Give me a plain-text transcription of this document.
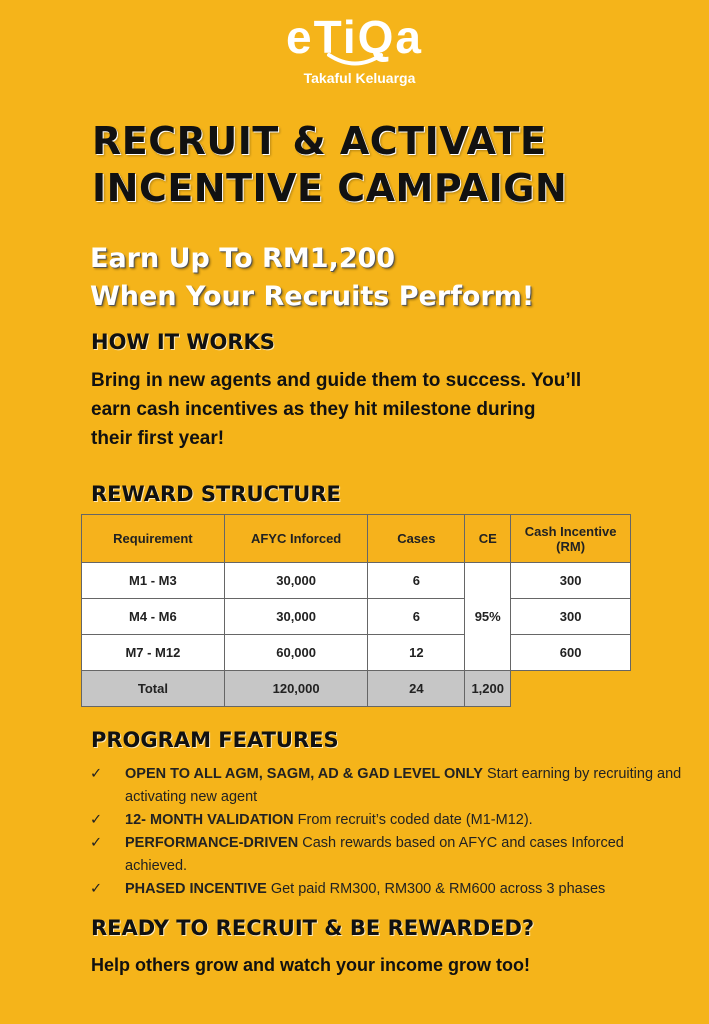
eTiQa
Takaful Keluarga
RECRUIT & ACTIVATE
INCENTIVE CAMPAIGN
Earn Up To RM1,200
When Your Recruits Perform!
HOW IT WORKS
Bring in new agents and guide them to success. You’ll
earn cash incentives as they hit milestone during
their first year!
REWARD STRUCTURE
Requirement	AFYC Inforced	Cases	CE	Cash Incentive
(RM)

M1 - M3	30,000	6	95%	300
M4 - M6	30,000	6		300
M7 - M12	60,000	12		600
Total	120,000	24	1,200	
PROGRAM FEATURES
✓ OPEN TO ALL AGM, SAGM, AD & GAD LEVEL ONLY Start earning by recruiting and activating new agent
✓ 12- MONTH VALIDATION From recruit’s coded date (M1-M12).
✓ PERFORMANCE-DRIVEN Cash rewards based on AFYC and cases Inforced achieved.
✓ PHASED INCENTIVE Get paid RM300, RM300 & RM600 across 3 phases
READY TO RECRUIT & BE REWARDED?
Help others grow and watch your income grow too!
